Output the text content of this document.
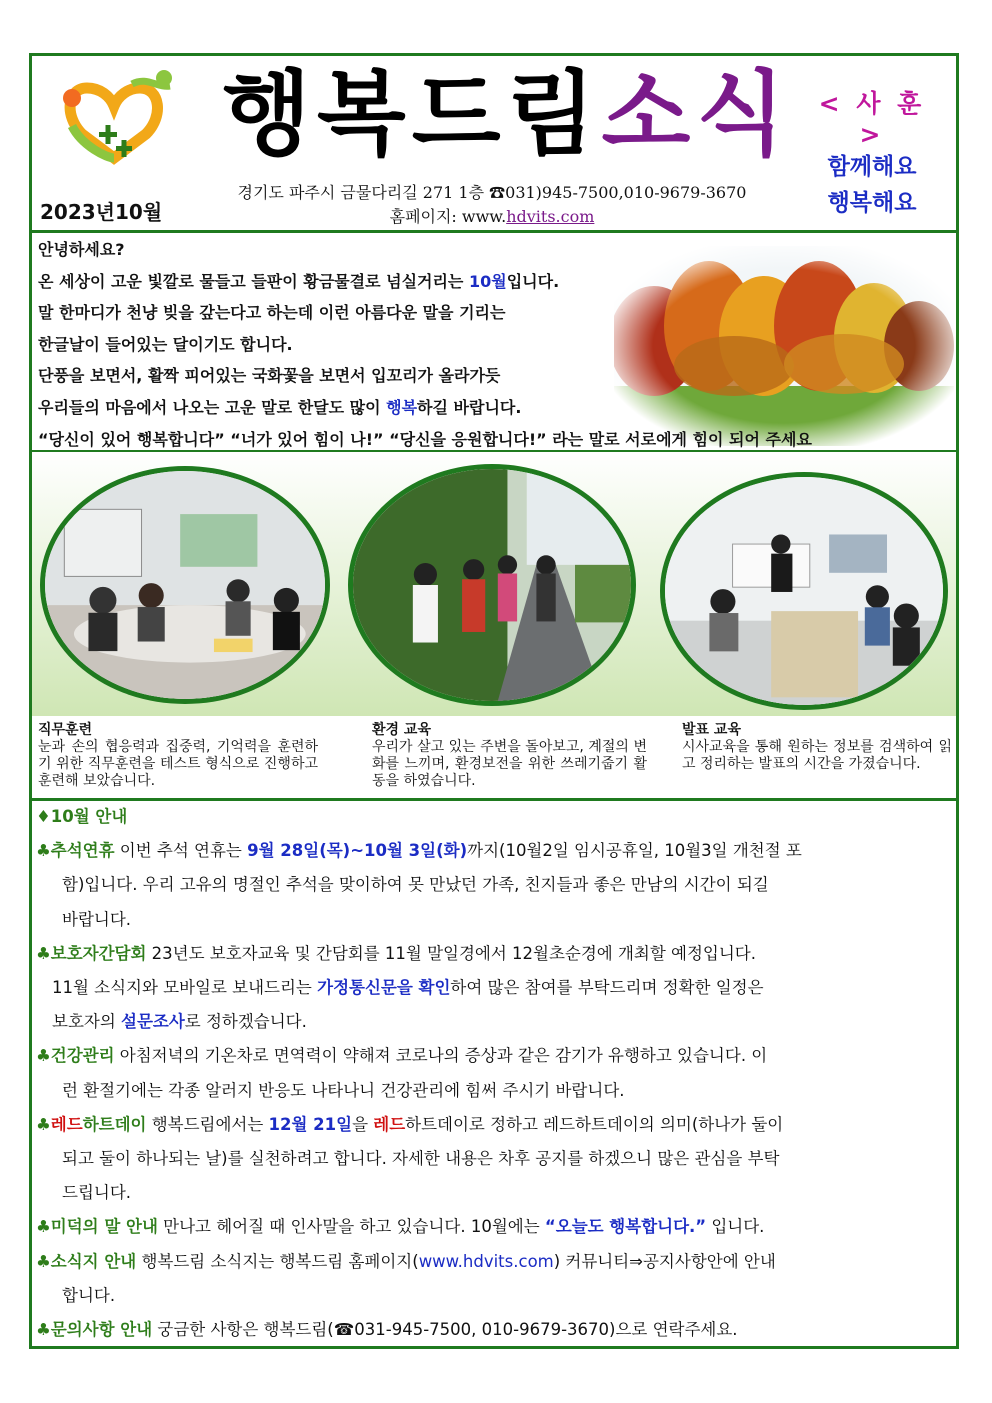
행복드림소식	< 사 훈 >
함께해요
행복해요
2023년10월
경기도 파주시 금물다리길 271 1층 ☎031)945-7500,010-9679-3670
홈페이지: www.hdvits.com

안녕하세요?

온 세상이 고운 빛깔로 물들고 들판이 황금물결로 넘실거리는 10월입니다.

말 한마디가 천냥 빚을 갚는다고 하는데 이런 아름다운 말을 기리는

한글날이 들어있는 달이기도 합니다.

단풍을 보면서, 활짝 피어있는 국화꽃을 보면서 입꼬리가 올라가듯

우리들의 마음에서 나오는 고운 말로 한달도 많이 행복하길 바랍니다.

“당신이 있어 행복합니다” “너가 있어 힘이 나!” “당신을 응원합니다!” 라는 말로 서로에게 힘이 되어 주세요

직무훈련
눈과 손의 협응력과 집중력, 기억력을 훈련하기 위한 직무훈련을 테스트 형식으로 진행하고 훈련해 보았습니다.
환경 교육
우리가 살고 있는 주변을 돌아보고, 계절의 변화를 느끼며, 환경보전을 위한 쓰레기줍기 활동을 하였습니다.
발표 교육
시사교육을 통해 원하는 정보를 검색하여 읽고 정리하는 발표의 시간을 가졌습니다.
♦10월 안내

♣추석연휴 이번 추석 연휴는 9월 28일(목)~10월 3일(화)까지(10월2일 임시공휴일, 10월3일 개천절 포
함)입니다. 우리 고유의 명절인 추석을 맞이하여 못 만났던 가족, 친지들과 좋은 만남의 시간이 되길
바랍니다.

♣보호자간담회 23년도 보호자교육 및 간담회를 11월 말일경에서 12월초순경에 개최할 예정입니다.
11월 소식지와 모바일로 보내드리는 가정통신문을 확인하여 많은 참여를 부탁드리며 정확한 일정은
보호자의 설문조사로 정하겠습니다.

♣건강관리 아침저녁의 기온차로 면역력이 약해져 코로나의 증상과 같은 감기가 유행하고 있습니다. 이
런 환절기에는 각종 알러지 반응도 나타나니 건강관리에 힘써 주시기 바랍니다.

♣레드하트데이 행복드림에서는 12월 21일을 레드하트데이로 정하고 레드하트데이의 의미(하나가 둘이
되고 둘이 하나되는 날)를 실천하려고 합니다. 자세한 내용은 차후 공지를 하겠으니 많은 관심을 부탁
드립니다.

♣미덕의 말 안내 만나고 헤어질 때 인사말을 하고 있습니다. 10월에는 “오늘도 행복합니다.” 입니다.

♣소식지 안내 행복드림 소식지는 행복드림 홈페이지(www.hdvits.com) 커뮤니티⇒공지사항안에 안내
합니다.

♣문의사항 안내 궁금한 사항은 행복드림(☎031-945-7500, 010-9679-3670)으로 연락주세요.
